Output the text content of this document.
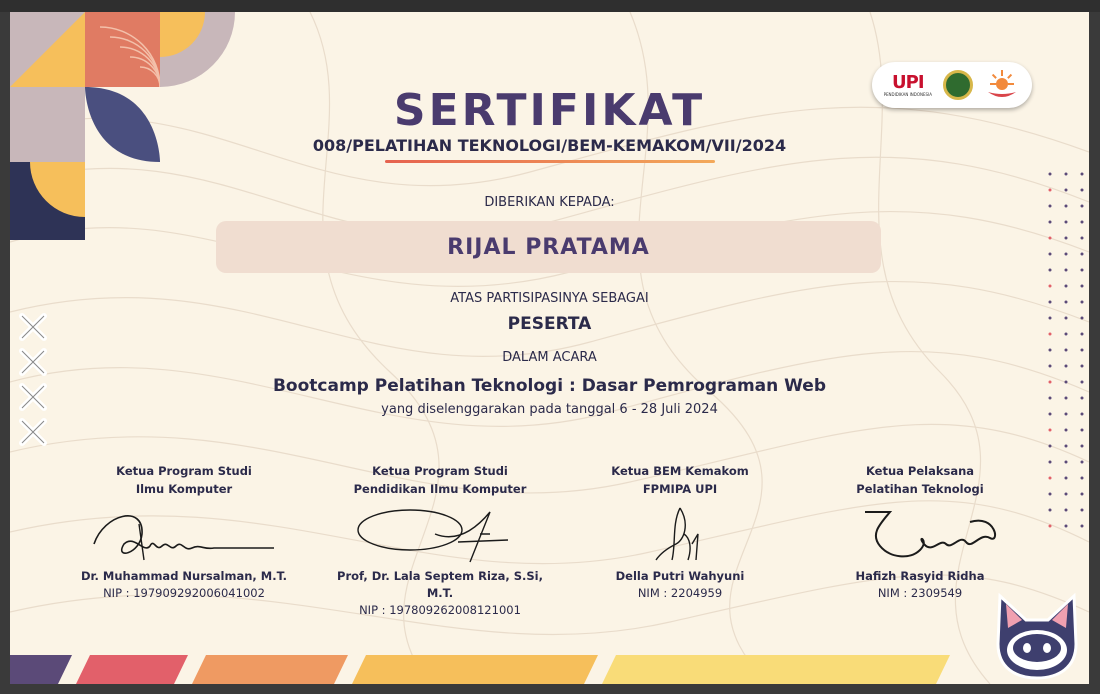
UPI
PENDIDIKAN INDONESIA
SERTIFIKAT
008/PELATIHAN TEKNOLOGI/BEM-KEMAKOM/VII/2024
DIBERIKAN KEPADA:
RIJAL PRATAMA
ATAS PARTISIPASINYA SEBAGAI
PESERTA
DALAM ACARA
Bootcamp Pelatihan Teknologi : Dasar Pemrograman Web
yang diselenggarakan pada tanggal 6 - 28 Juli 2024
Ketua Program Studi
Ilmu Komputer
Dr. Muhammad Nursalman, M.T.
NIP : 197909292006041002
Ketua Program Studi
Pendidikan Ilmu Komputer
Prof, Dr. Lala Septem Riza, S.Si, M.T.
NIP : 197809262008121001
Ketua BEM Kemakom
FPMIPA UPI
Della Putri Wahyuni
NIM : 2204959
Ketua Pelaksana
Pelatihan Teknologi
Hafizh Rasyid Ridha
NIM : 2309549
